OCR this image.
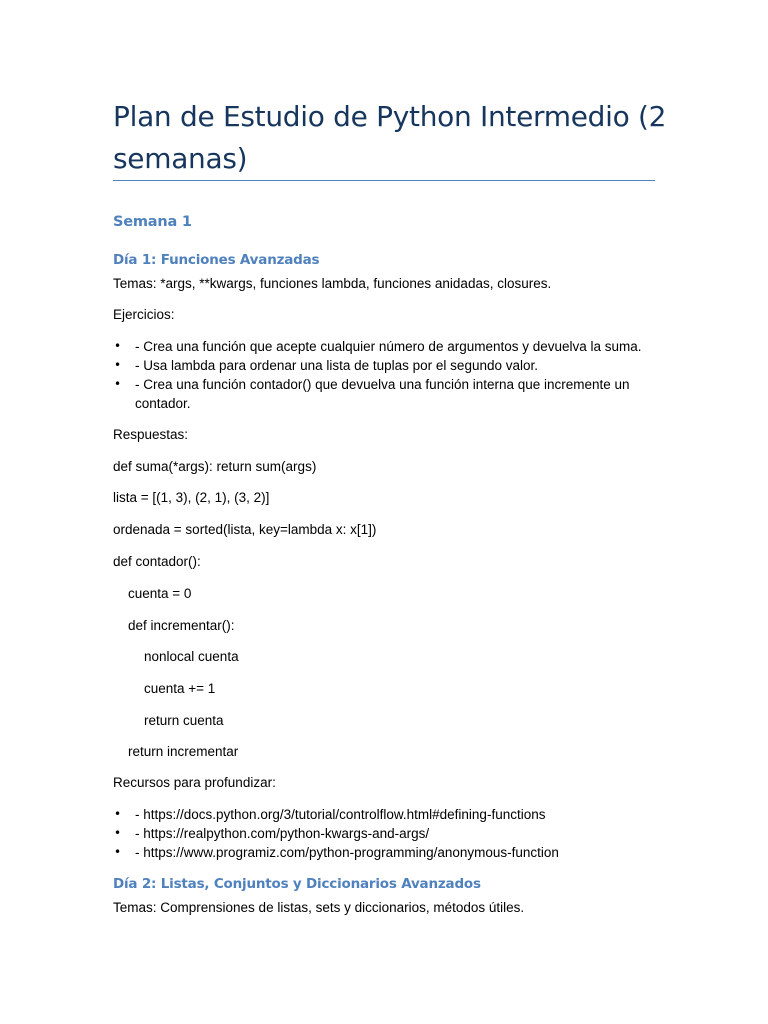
Plan de Estudio de Python Intermedio (2 semanas)
Semana 1
Día 1: Funciones Avanzadas

Temas: *args, **kwargs, funciones lambda, funciones anidadas, closures.

Ejercicios:

• - Crea una función que acepte cualquier número de argumentos y devuelva la suma.
• - Usa lambda para ordenar una lista de tuplas por el segundo valor.
• - Crea una función contador() que devuelva una función interna que incremente un
contador.

Respuestas:

def suma(*args): return sum(args)

lista = [(1, 3), (2, 1), (3, 2)]

ordenada = sorted(lista, key=lambda x: x[1])

def contador():

cuenta = 0

def incrementar():

nonlocal cuenta

cuenta += 1

return cuenta

return incrementar

Recursos para profundizar:

• - https://docs.python.org/3/tutorial/controlflow.html#defining-functions
• - https://realpython.com/python-kwargs-and-args/
• - https://www.programiz.com/python-programming/anonymous-function
Día 2: Listas, Conjuntos y Diccionarios Avanzados

Temas: Comprensiones de listas, sets y diccionarios, métodos útiles.
